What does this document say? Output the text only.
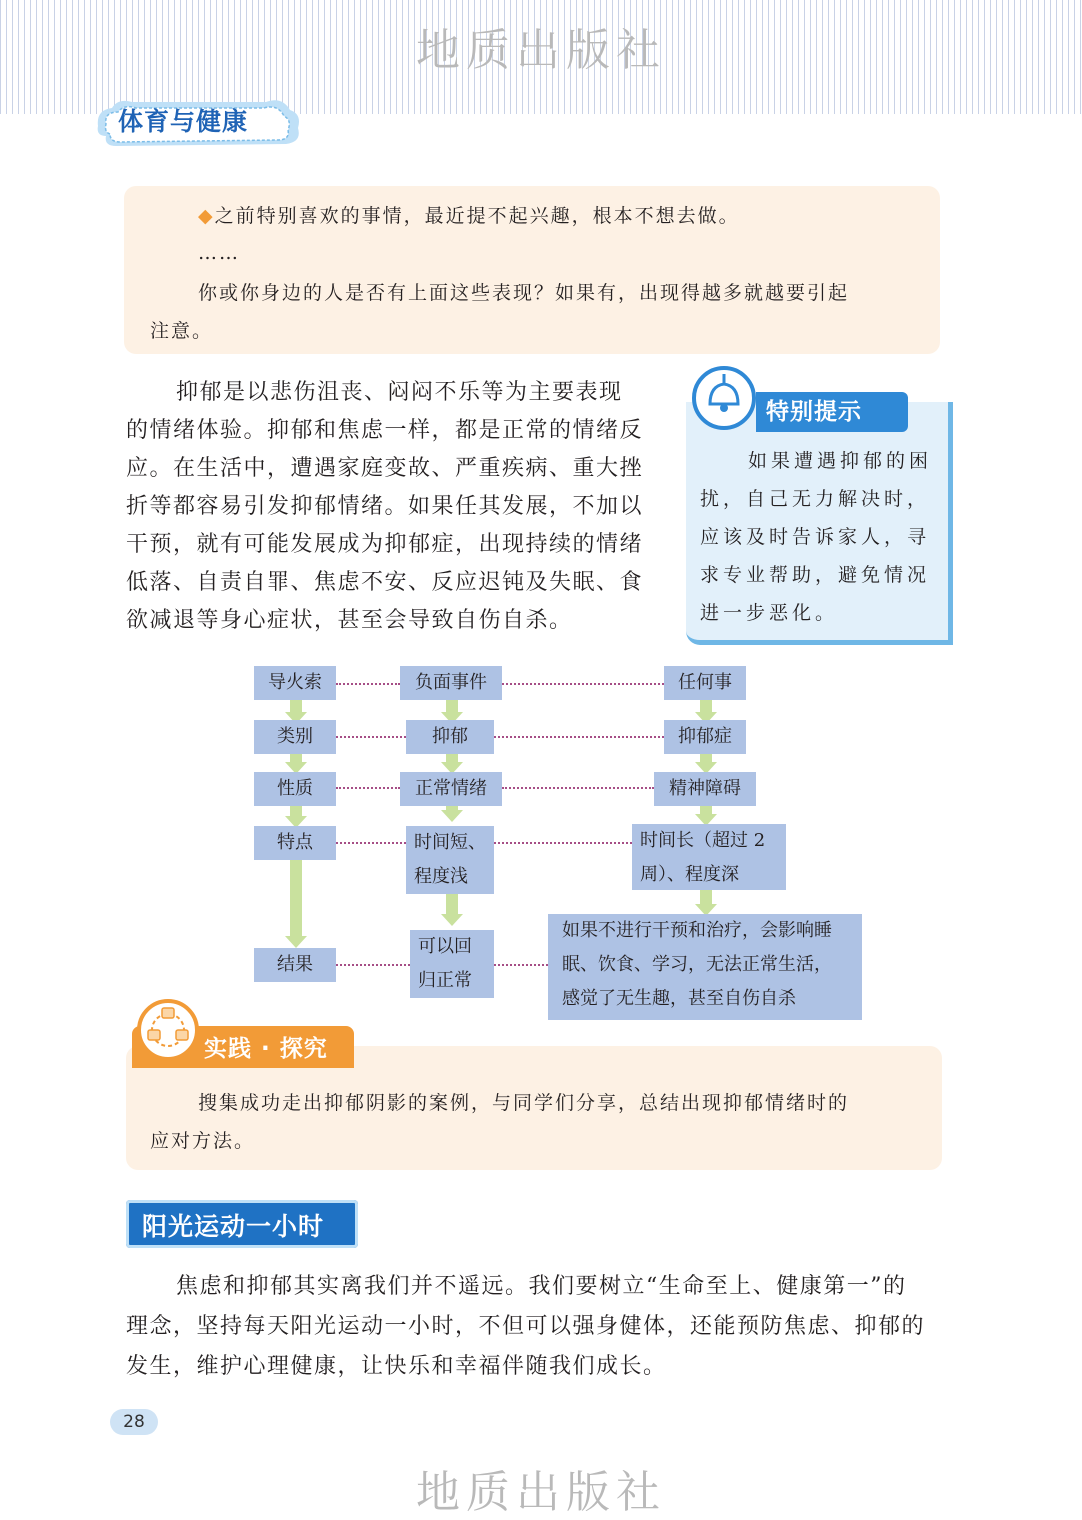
地质出版社
体育与健康
◆之前特别喜欢的事情，最近提不起兴趣，根本不想去做。
……
你或你身边的人是否有上面这些表现？如果有，出现得越多就越要引起
注意。
抑郁是以悲伤沮丧、闷闷不乐等为主要表现
的情绪体验。抑郁和焦虑一样，都是正常的情绪反
应。在生活中，遭遇家庭变故、严重疾病、重大挫
折等都容易引发抑郁情绪。如果任其发展，不加以
干预，就有可能发展成为抑郁症，出现持续的情绪
低落、自责自罪、焦虑不安、反应迟钝及失眠、食
欲减退等身心症状，甚至会导致自伤自杀。
特别提示
如果遭遇抑郁的困
扰，自己无力解决时，
应该及时告诉家人，寻
求专业帮助，避免情况
进一步恶化。
导火索
类别
性质
特点
结果
负面事件
抑郁
正常情绪
时间短、
程度浅
可以回
归正常
任何事
抑郁症
精神障碍
时间长（超过 2
周）、程度深
如果不进行干预和治疗，会影响睡
眠、饮食、学习，无法正常生活，
感觉了无生趣，甚至自伤自杀
实践 · 探究
搜集成功走出抑郁阴影的案例，与同学们分享，总结出现抑郁情绪时的
应对方法。
阳光运动一小时
焦虑和抑郁其实离我们并不遥远。我们要树立“生命至上、健康第一”的
理念，坚持每天阳光运动一小时，不但可以强身健体，还能预防焦虑、抑郁的
发生，维护心理健康，让快乐和幸福伴随我们成长。
28
地质出版社
